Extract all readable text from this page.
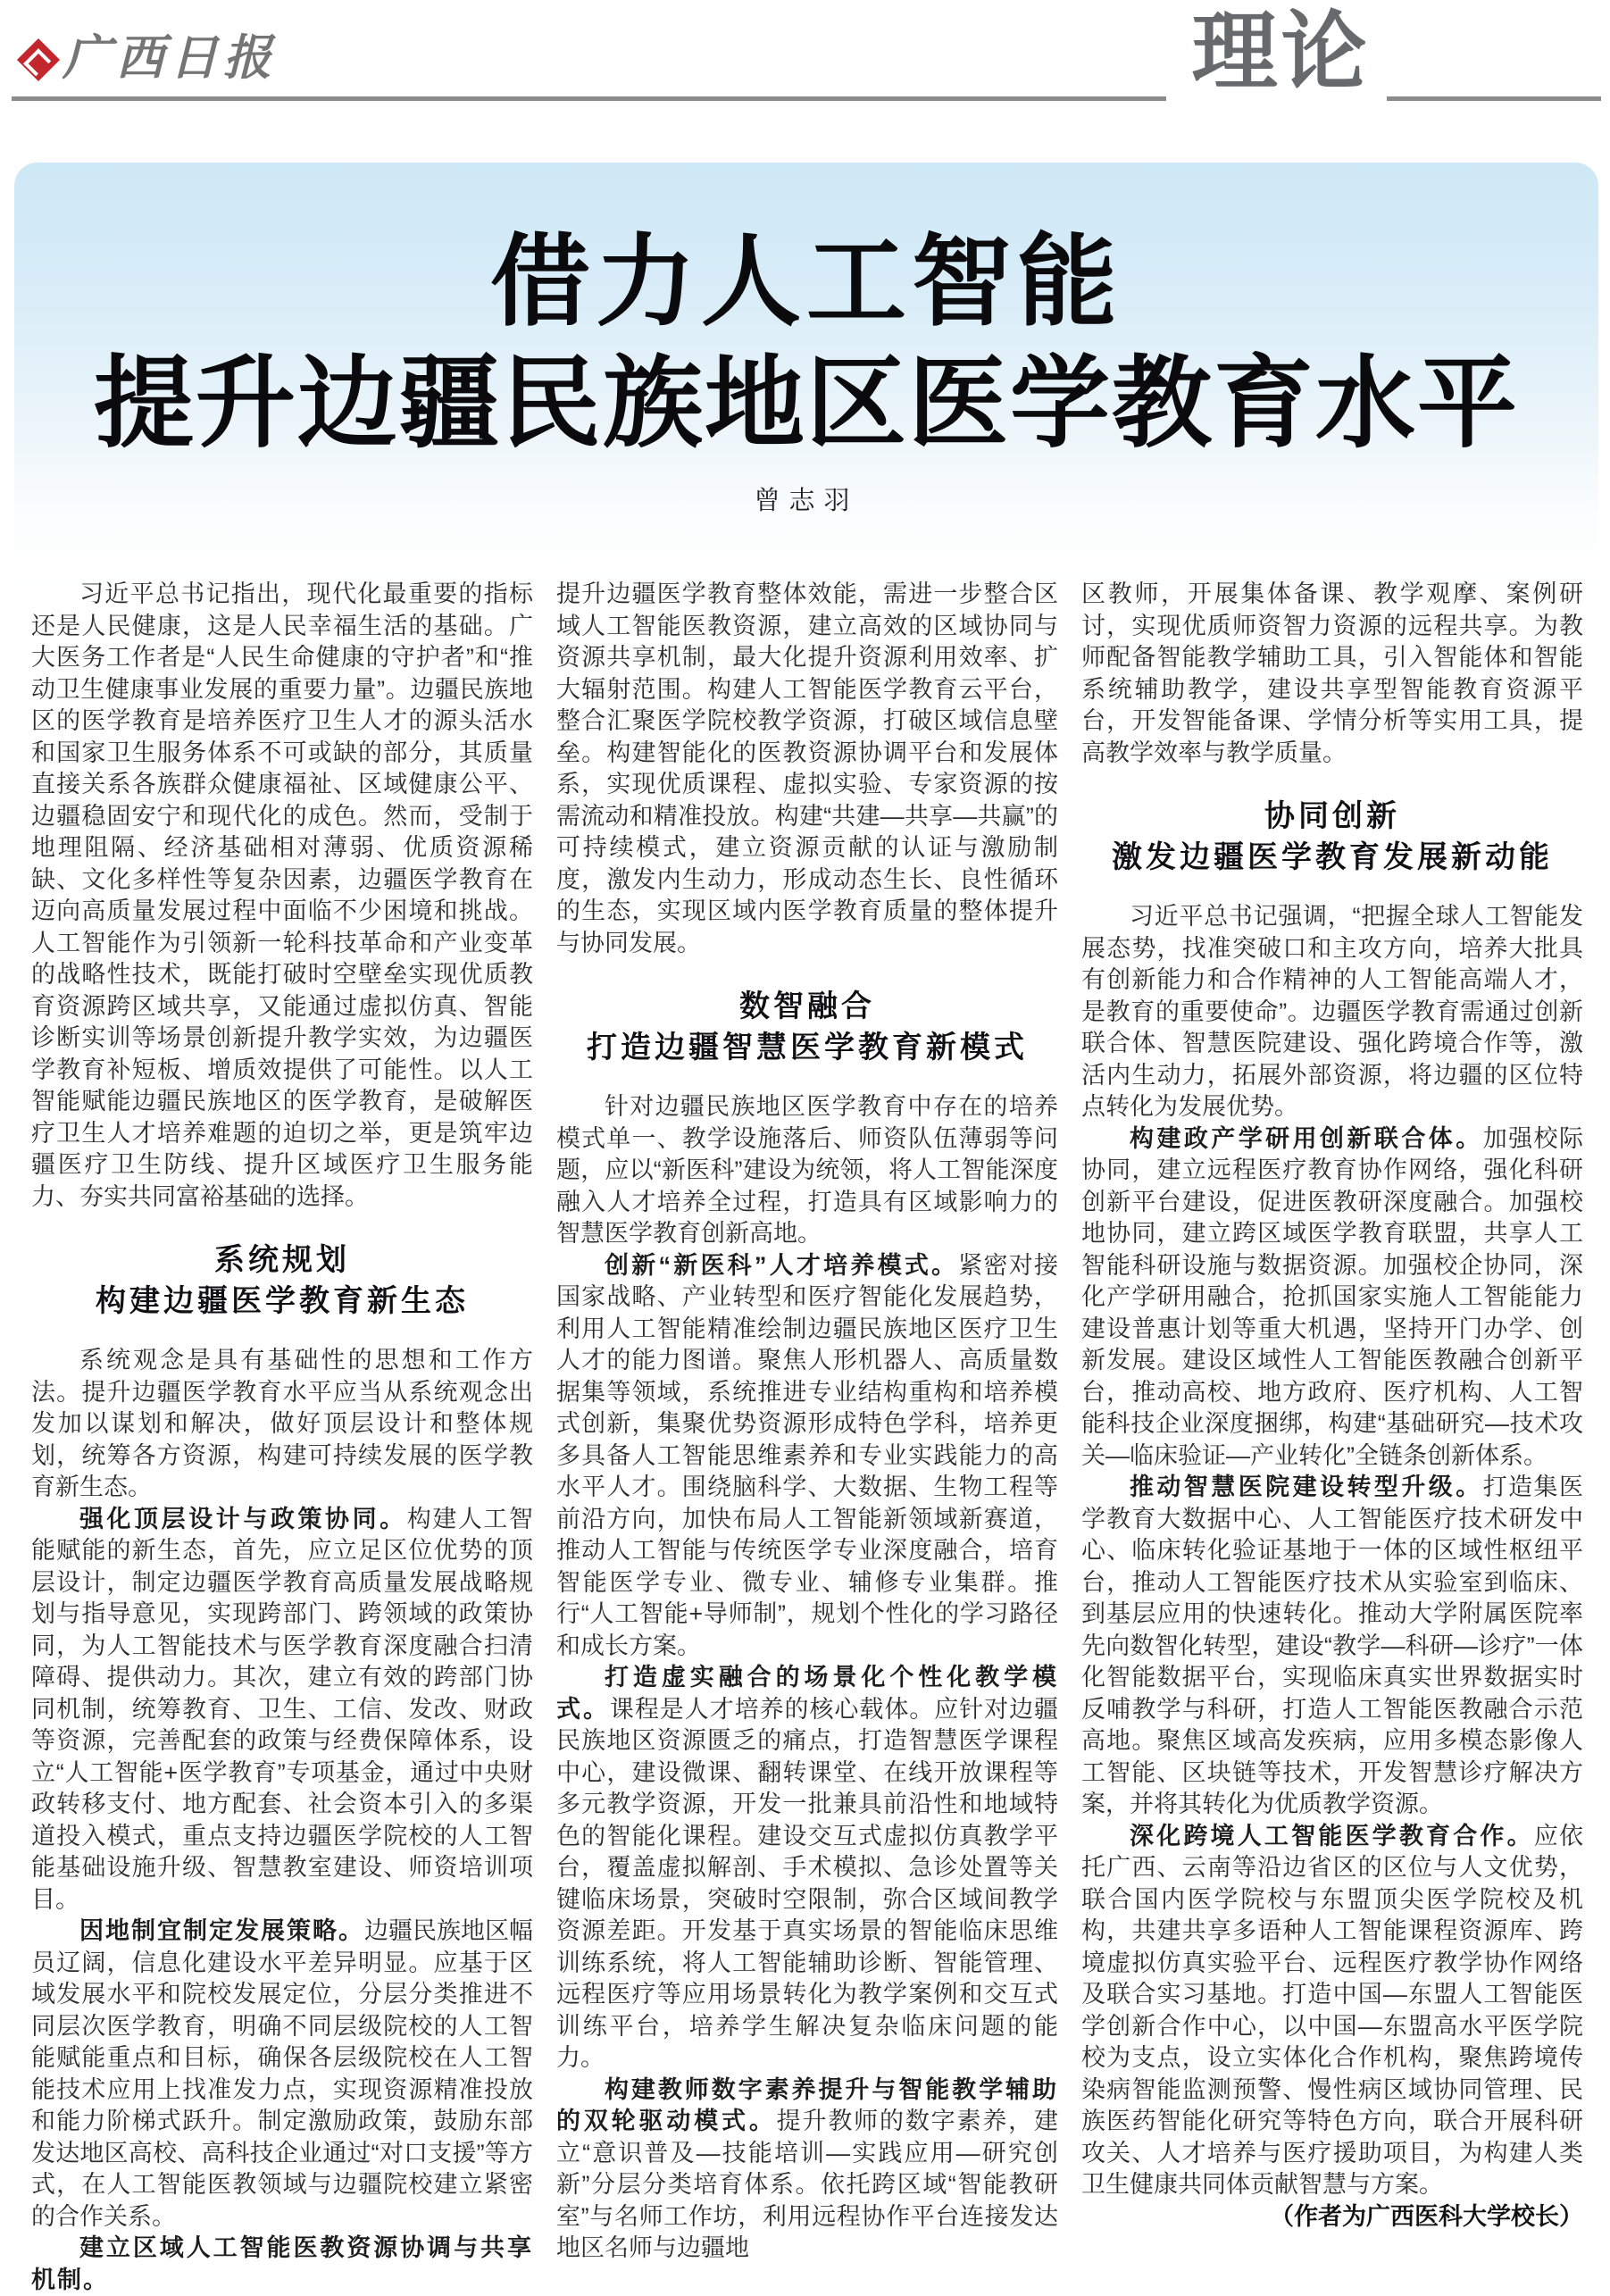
广西日报	理论
借力人工智能
提升边疆民族地区医学教育水平
曾志羽

习近平总书记指出，现代化最重要的指标还是人民健康，这是人民幸福生活的基础。广大医务工作者是“人民生命健康的守护者”和“推动卫生健康事业发展的重要力量”。边疆民族地区的医学教育是培养医疗卫生人才的源头活水和国家卫生服务体系不可或缺的部分，其质量直接关系各族群众健康福祉、区域健康公平、边疆稳固安宁和现代化的成色。然而，受制于地理阻隔、经济基础相对薄弱、优质资源稀缺、文化多样性等复杂因素，边疆医学教育在迈向高质量发展过程中面临不少困境和挑战。人工智能作为引领新一轮科技革命和产业变革的战略性技术，既能打破时空壁垒实现优质教育资源跨区域共享，又能通过虚拟仿真、智能诊断实训等场景创新提升教学实效，为边疆医学教育补短板、增质效提供了可能性。以人工智能赋能边疆民族地区的医学教育，是破解医疗卫生人才培养难题的迫切之举，更是筑牢边疆医疗卫生防线、提升区域医疗卫生服务能力、夯实共同富裕基础的选择。

系统规划
构建边疆医学教育新生态

系统观念是具有基础性的思想和工作方法。提升边疆医学教育水平应当从系统观念出发加以谋划和解决，做好顶层设计和整体规划，统筹各方资源，构建可持续发展的医学教育新生态。

强化顶层设计与政策协同。构建人工智能赋能的新生态，首先，应立足区位优势的顶层设计，制定边疆医学教育高质量发展战略规划与指导意见，实现跨部门、跨领域的政策协同，为人工智能技术与医学教育深度融合扫清障碍、提供动力。其次，建立有效的跨部门协同机制，统筹教育、卫生、工信、发改、财政等资源，完善配套的政策与经费保障体系，设立“人工智能+医学教育”专项基金，通过中央财政转移支付、地方配套、社会资本引入的多渠道投入模式，重点支持边疆医学院校的人工智能基础设施升级、智慧教室建设、师资培训项目。

因地制宜制定发展策略。边疆民族地区幅员辽阔，信息化建设水平差异明显。应基于区域发展水平和院校发展定位，分层分类推进不同层次医学教育，明确不同层级院校的人工智能赋能重点和目标，确保各层级院校在人工智能技术应用上找准发力点，实现资源精准投放和能力阶梯式跃升。制定激励政策，鼓励东部发达地区高校、高科技企业通过“对口支援”等方式，在人工智能医教领域与边疆院校建立紧密的合作关系。

建立区域人工智能医教资源协调与共享机制。

提升边疆医学教育整体效能，需进一步整合区域人工智能医教资源，建立高效的区域协同与资源共享机制，最大化提升资源利用效率、扩大辐射范围。构建人工智能医学教育云平台，整合汇聚医学院校教学资源，打破区域信息壁垒。构建智能化的医教资源协调平台和发展体系，实现优质课程、虚拟实验、专家资源的按需流动和精准投放。构建“共建—共享—共赢”的可持续模式，建立资源贡献的认证与激励制度，激发内生动力，形成动态生长、良性循环的生态，实现区域内医学教育质量的整体提升与协同发展。

数智融合
打造边疆智慧医学教育新模式

针对边疆民族地区医学教育中存在的培养模式单一、教学设施落后、师资队伍薄弱等问题，应以“新医科”建设为统领，将人工智能深度融入人才培养全过程，打造具有区域影响力的智慧医学教育创新高地。

创新“新医科”人才培养模式。紧密对接国家战略、产业转型和医疗智能化发展趋势，利用人工智能精准绘制边疆民族地区医疗卫生人才的能力图谱。聚焦人形机器人、高质量数据集等领域，系统推进专业结构重构和培养模式创新，集聚优势资源形成特色学科，培养更多具备人工智能思维素养和专业实践能力的高水平人才。围绕脑科学、大数据、生物工程等前沿方向，加快布局人工智能新领域新赛道，推动人工智能与传统医学专业深度融合，培育智能医学专业、微专业、辅修专业集群。推行“人工智能+导师制”，规划个性化的学习路径和成长方案。

打造虚实融合的场景化个性化教学模式。课程是人才培养的核心载体。应针对边疆民族地区资源匮乏的痛点，打造智慧医学课程中心，建设微课、翻转课堂、在线开放课程等多元教学资源，开发一批兼具前沿性和地域特色的智能化课程。建设交互式虚拟仿真教学平台，覆盖虚拟解剖、手术模拟、急诊处置等关键临床场景，突破时空限制，弥合区域间教学资源差距。开发基于真实场景的智能临床思维训练系统，将人工智能辅助诊断、智能管理、远程医疗等应用场景转化为教学案例和交互式训练平台，培养学生解决复杂临床问题的能力。

构建教师数字素养提升与智能教学辅助的双轮驱动模式。提升教师的数字素养，建立“意识普及—技能培训—实践应用—研究创新”分层分类培育体系。依托跨区域“智能教研室”与名师工作坊，利用远程协作平台连接发达地区名师与边疆地

区教师，开展集体备课、教学观摩、案例研讨，实现优质师资智力资源的远程共享。为教师配备智能教学辅助工具，引入智能体和智能系统辅助教学，建设共享型智能教育资源平台，开发智能备课、学情分析等实用工具，提高教学效率与教学质量。

协同创新
激发边疆医学教育发展新动能

习近平总书记强调，“把握全球人工智能发展态势，找准突破口和主攻方向，培养大批具有创新能力和合作精神的人工智能高端人才，是教育的重要使命”。边疆医学教育需通过创新联合体、智慧医院建设、强化跨境合作等，激活内生动力，拓展外部资源，将边疆的区位特点转化为发展优势。

构建政产学研用创新联合体。加强校际协同，建立远程医疗教育协作网络，强化科研创新平台建设，促进医教研深度融合。加强校地协同，建立跨区域医学教育联盟，共享人工智能科研设施与数据资源。加强校企协同，深化产学研用融合，抢抓国家实施人工智能能力建设普惠计划等重大机遇，坚持开门办学、创新发展。建设区域性人工智能医教融合创新平台，推动高校、地方政府、医疗机构、人工智能科技企业深度捆绑，构建“基础研究—技术攻关—临床验证—产业转化”全链条创新体系。

推动智慧医院建设转型升级。打造集医学教育大数据中心、人工智能医疗技术研发中心、临床转化验证基地于一体的区域性枢纽平台，推动人工智能医疗技术从实验室到临床、到基层应用的快速转化。推动大学附属医院率先向数智化转型，建设“教学—科研—诊疗”一体化智能数据平台，实现临床真实世界数据实时反哺教学与科研，打造人工智能医教融合示范高地。聚焦区域高发疾病，应用多模态影像人工智能、区块链等技术，开发智慧诊疗解决方案，并将其转化为优质教学资源。

深化跨境人工智能医学教育合作。应依托广西、云南等沿边省区的区位与人文优势，联合国内医学院校与东盟顶尖医学院校及机构，共建共享多语种人工智能课程资源库、跨境虚拟仿真实验平台、远程医疗教学协作网络及联合实习基地。打造中国—东盟人工智能医学创新合作中心，以中国—东盟高水平医学院校为支点，设立实体化合作机构，聚焦跨境传染病智能监测预警、慢性病区域协同管理、民族医药智能化研究等特色方向，联合开展科研攻关、人才培养与医疗援助项目，为构建人类卫生健康共同体贡献智慧与方案。
（作者为广西医科大学校长）
